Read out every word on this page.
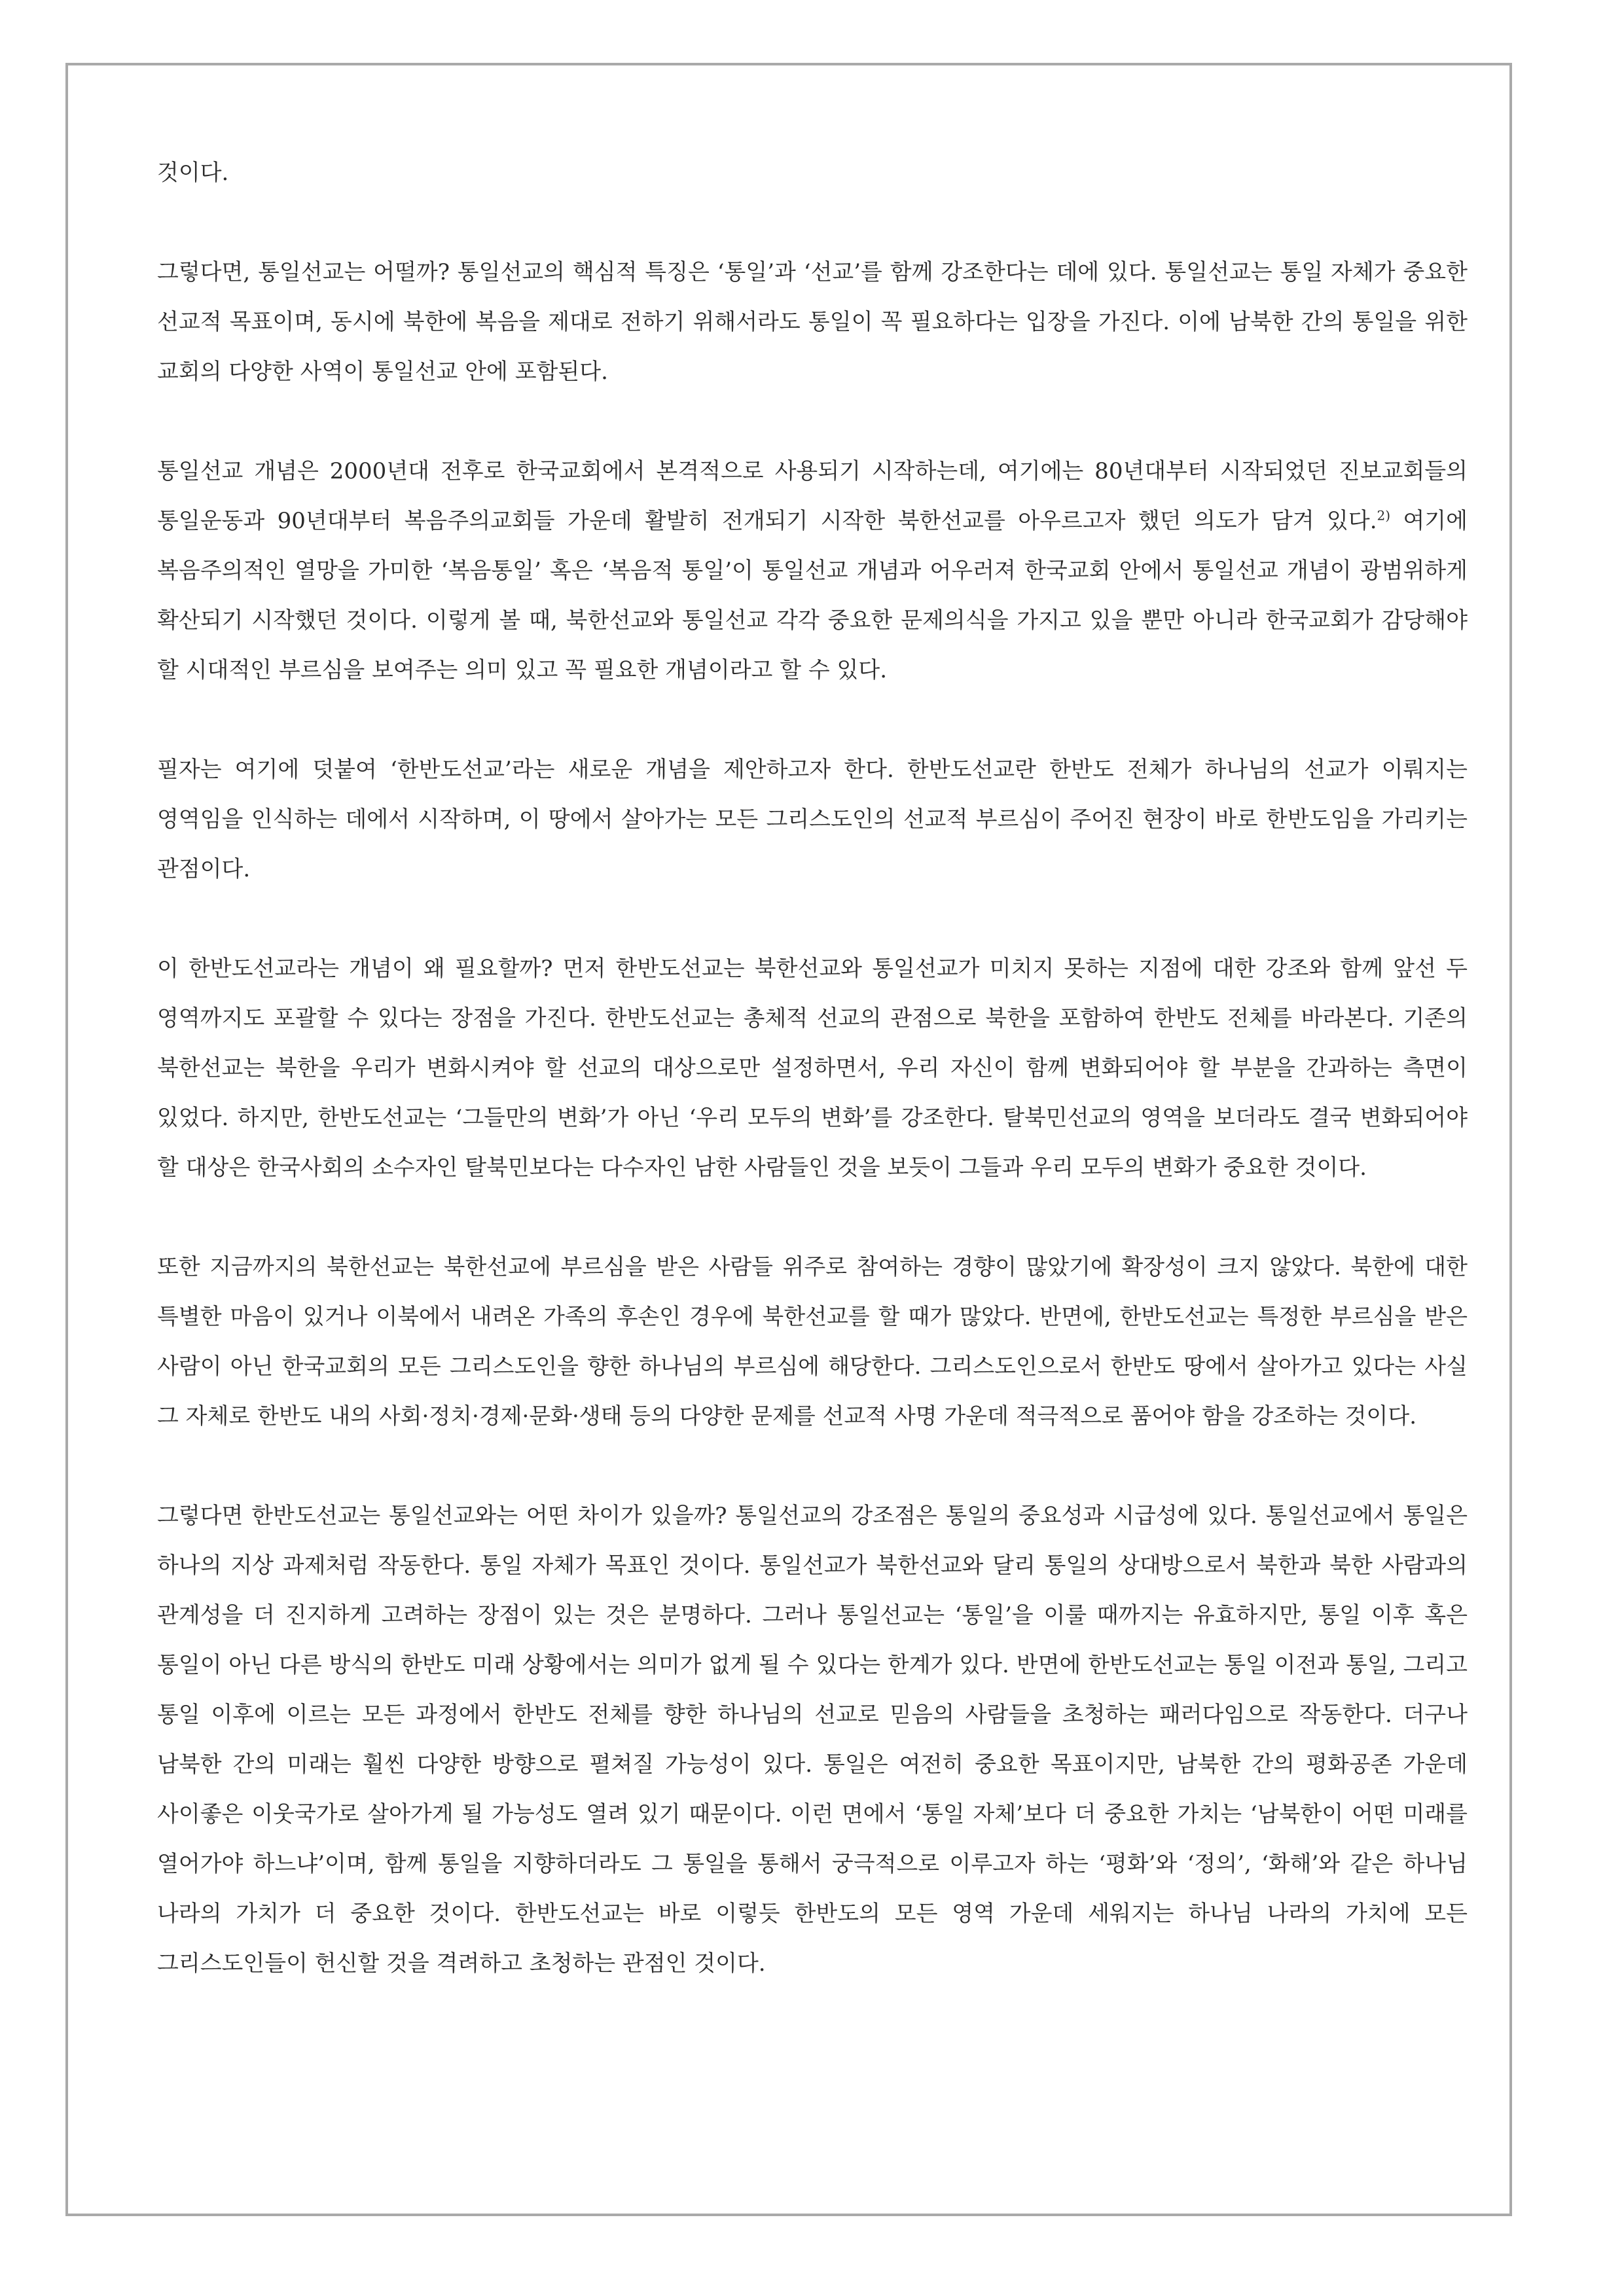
것이다.

그렇다면, 통일선교는 어떨까? 통일선교의 핵심적 특징은 ‘통일’과 ‘선교’를 함께 강조한다는 데에 있다. 통일선교는 통일 자체가 중요한 선교적 목표이며, 동시에 북한에 복음을 제대로 전하기 위해서라도 통일이 꼭 필요하다는 입장을 가진다. 이에 남북한 간의 통일을 위한 교회의 다양한 사역이 통일선교 안에 포함된다.

통일선교 개념은 2000년대 전후로 한국교회에서 본격적으로 사용되기 시작하는데, 여기에는 80년대부터 시작되었던 진보교회들의 통일운동과 90년대부터 복음주의교회들 가운데 활발히 전개되기 시작한 북한선교를 아우르고자 했던 의도가 담겨 있다.$^{2)}$ 여기에 복음주의적인 열망을 가미한 ‘복음통일’ 혹은 ‘복음적 통일’이 통일선교 개념과 어우러져 한국교회 안에서 통일선교 개념이 광범위하게 확산되기 시작했던 것이다. 이렇게 볼 때, 북한선교와 통일선교 각각 중요한 문제의식을 가지고 있을 뿐만 아니라 한국교회가 감당해야 할 시대적인 부르심을 보여주는 의미 있고 꼭 필요한 개념이라고 할 수 있다.

필자는 여기에 덧붙여 ‘한반도선교’라는 새로운 개념을 제안하고자 한다. 한반도선교란 한반도 전체가 하나님의 선교가 이뤄지는 영역임을 인식하는 데에서 시작하며, 이 땅에서 살아가는 모든 그리스도인의 선교적 부르심이 주어진 현장이 바로 한반도임을 가리키는 관점이다.

이 한반도선교라는 개념이 왜 필요할까? 먼저 한반도선교는 북한선교와 통일선교가 미치지 못하는 지점에 대한 강조와 함께 앞선 두 영역까지도 포괄할 수 있다는 장점을 가진다. 한반도선교는 총체적 선교의 관점으로 북한을 포함하여 한반도 전체를 바라본다. 기존의 북한선교는 북한을 우리가 변화시켜야 할 선교의 대상으로만 설정하면서, 우리 자신이 함께 변화되어야 할 부분을 간과하는 측면이 있었다. 하지만, 한반도선교는 ‘그들만의 변화’가 아닌 ‘우리 모두의 변화’를 강조한다. 탈북민선교의 영역을 보더라도 결국 변화되어야 할 대상은 한국사회의 소수자인 탈북민보다는 다수자인 남한 사람들인 것을 보듯이 그들과 우리 모두의 변화가 중요한 것이다.

또한 지금까지의 북한선교는 북한선교에 부르심을 받은 사람들 위주로 참여하는 경향이 많았기에 확장성이 크지 않았다. 북한에 대한 특별한 마음이 있거나 이북에서 내려온 가족의 후손인 경우에 북한선교를 할 때가 많았다. 반면에, 한반도선교는 특정한 부르심을 받은 사람이 아닌 한국교회의 모든 그리스도인을 향한 하나님의 부르심에 해당한다. 그리스도인으로서 한반도 땅에서 살아가고 있다는 사실 그 자체로 한반도 내의 사회·정치·경제·문화·생태 등의 다양한 문제를 선교적 사명 가운데 적극적으로 품어야 함을 강조하는 것이다.

그렇다면 한반도선교는 통일선교와는 어떤 차이가 있을까? 통일선교의 강조점은 통일의 중요성과 시급성에 있다. 통일선교에서 통일은 하나의 지상 과제처럼 작동한다. 통일 자체가 목표인 것이다. 통일선교가 북한선교와 달리 통일의 상대방으로서 북한과 북한 사람과의 관계성을 더 진지하게 고려하는 장점이 있는 것은 분명하다. 그러나 통일선교는 ‘통일’을 이룰 때까지는 유효하지만, 통일 이후 혹은 통일이 아닌 다른 방식의 한반도 미래 상황에서는 의미가 없게 될 수 있다는 한계가 있다. 반면에 한반도선교는 통일 이전과 통일, 그리고 통일 이후에 이르는 모든 과정에서 한반도 전체를 향한 하나님의 선교로 믿음의 사람들을 초청하는 패러다임으로 작동한다. 더구나 남북한 간의 미래는 훨씬 다양한 방향으로 펼쳐질 가능성이 있다. 통일은 여전히 중요한 목표이지만, 남북한 간의 평화공존 가운데 사이좋은 이웃국가로 살아가게 될 가능성도 열려 있기 때문이다. 이런 면에서 ‘통일 자체’보다 더 중요한 가치는 ‘남북한이 어떤 미래를 열어가야 하느냐’이며, 함께 통일을 지향하더라도 그 통일을 통해서 궁극적으로 이루고자 하는 ‘평화’와 ‘정의’, ‘화해’와 같은 하나님 나라의 가치가 더 중요한 것이다. 한반도선교는 바로 이렇듯 한반도의 모든 영역 가운데 세워지는 하나님 나라의 가치에 모든 그리스도인들이 헌신할 것을 격려하고 초청하는 관점인 것이다.
